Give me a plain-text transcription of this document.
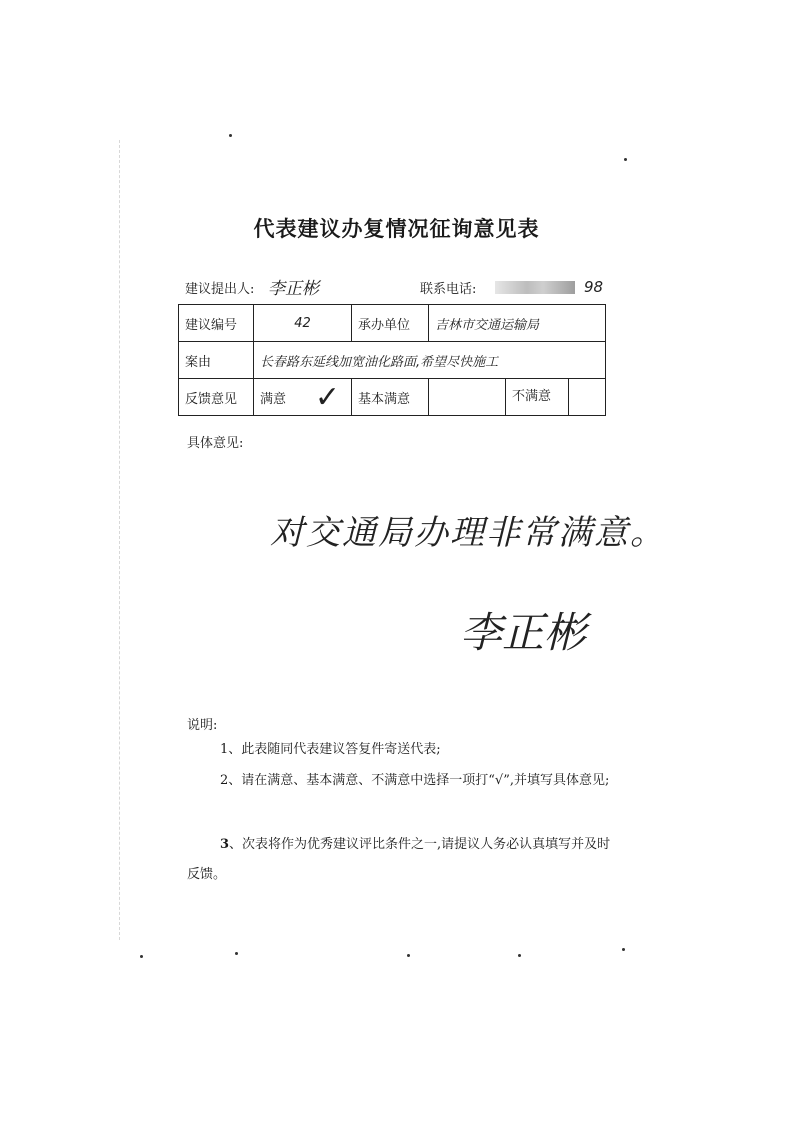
代表建议办复情况征询意见表
建议提出人: 李正彬	联系电话:	98
建议编号	42	承办单位	吉林市交通运输局	
案由	长春路东延线加宽油化路面,希望尽快施工			
反馈意见	满意 ✓	基本满意		不满意
具体意见:
对交通局办理非常满意。
李正彬
说明:
1、此表随同代表建议答复件寄送代表;
2、请在满意、基本满意、不满意中选择一项打“√”,并填写具体意见;
3、次表将作为优秀建议评比条件之一,请提议人务必认真填写并及时反馈。
